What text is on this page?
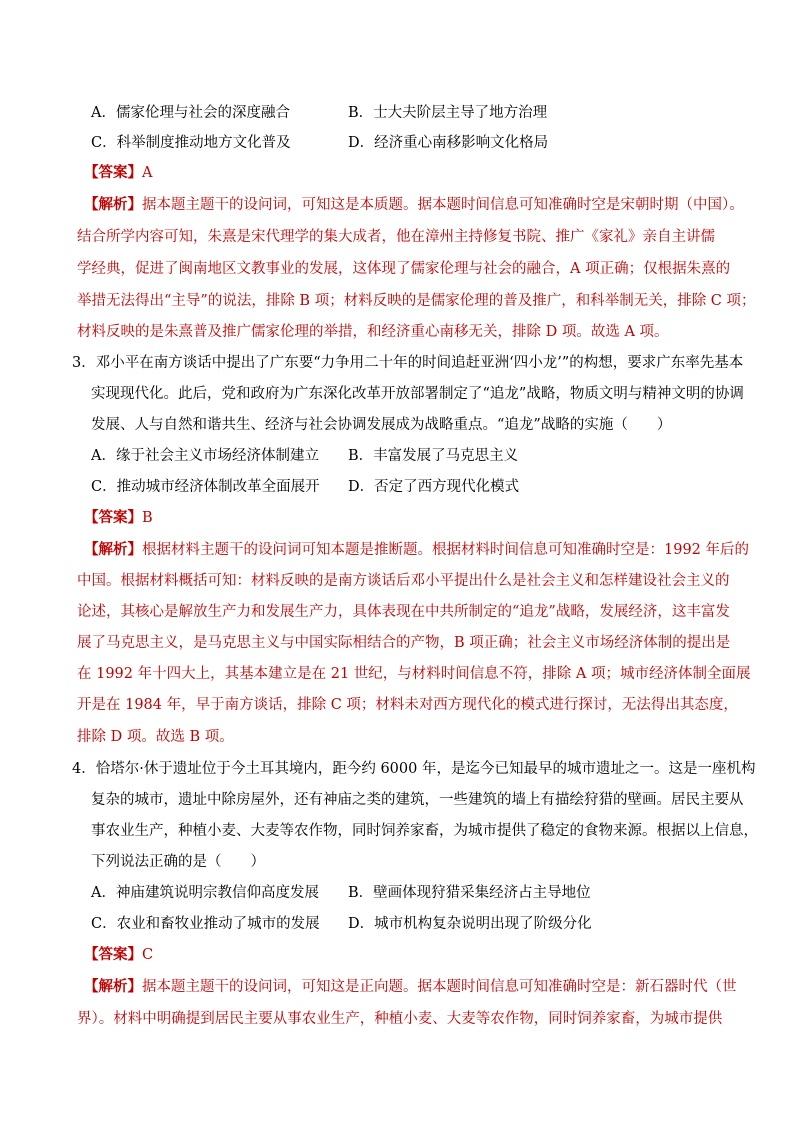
A．儒家伦理与社会的深度融合	B．士大夫阶层主导了地方治理
C．科举制度推动地方文化普及	D．经济重心南移影响文化格局
【答案】A
【解析】据本题主题干的设问词，可知这是本质题。据本题时间信息可知准确时空是宋朝时期（中国）。
结合所学内容可知，朱熹是宋代理学的集大成者，他在漳州主持修复书院、推广《家礼》亲自主讲儒
学经典，促进了闽南地区文教事业的发展，这体现了儒家伦理与社会的融合，A 项正确；仅根据朱熹的
举措无法得出“主导”的说法，排除 B 项；材料反映的是儒家伦理的普及推广，和科举制无关，排除 C 项；
材料反映的是朱熹普及推广儒家伦理的举措，和经济重心南移无关，排除 D 项。故选 A 项。
3．邓小平在南方谈话中提出了广东要“力争用二十年的时间追赶亚洲‘四小龙’”的构想，要求广东率先基本
实现现代化。此后，党和政府为广东深化改革开放部署制定了“追龙”战略，物质文明与精神文明的协调
发展、人与自然和谐共生、经济与社会协调发展成为战略重点。“追龙”战略的实施（　　）
A．缘于社会主义市场经济体制建立 B．丰富发展了马克思主义
C．推动城市经济体制改革全面展开 D．否定了西方现代化模式
【答案】B
【解析】根据材料主题干的设问词可知本题是推断题。根据材料时间信息可知准确时空是：1992 年后的
中国。根据材料概括可知：材料反映的是南方谈话后邓小平提出什么是社会主义和怎样建设社会主义的
论述，其核心是解放生产力和发展生产力，具体表现在中共所制定的“追龙”战略，发展经济，这丰富发
展了马克思主义，是马克思主义与中国实际相结合的产物，B 项正确；社会主义市场经济体制的提出是
在 1992 年十四大上，其基本建立是在 21 世纪，与材料时间信息不符，排除 A 项；城市经济体制全面展
开是在 1984 年，早于南方谈话，排除 C 项；材料未对西方现代化的模式进行探讨，无法得出其态度，
排除 D 项。故选 B 项。
4．恰塔尔·休于遗址位于今土耳其境内，距今约 6000 年，是迄今已知最早的城市遗址之一。这是一座机构
复杂的城市，遗址中除房屋外，还有神庙之类的建筑，一些建筑的墙上有描绘狩猎的壁画。居民主要从
事农业生产，种植小麦、大麦等农作物，同时饲养家畜，为城市提供了稳定的食物来源。根据以上信息，
下列说法正确的是（　　）
A．神庙建筑说明宗教信仰高度发展 B．壁画体现狩猎采集经济占主导地位
C．农业和畜牧业推动了城市的发展 D．城市机构复杂说明出现了阶级分化
【答案】C
【解析】据本题主题干的设问词，可知这是正向题。据本题时间信息可知准确时空是：新石器时代（世
界）。材料中明确提到居民主要从事农业生产，种植小麦、大麦等农作物，同时饲养家畜，为城市提供
